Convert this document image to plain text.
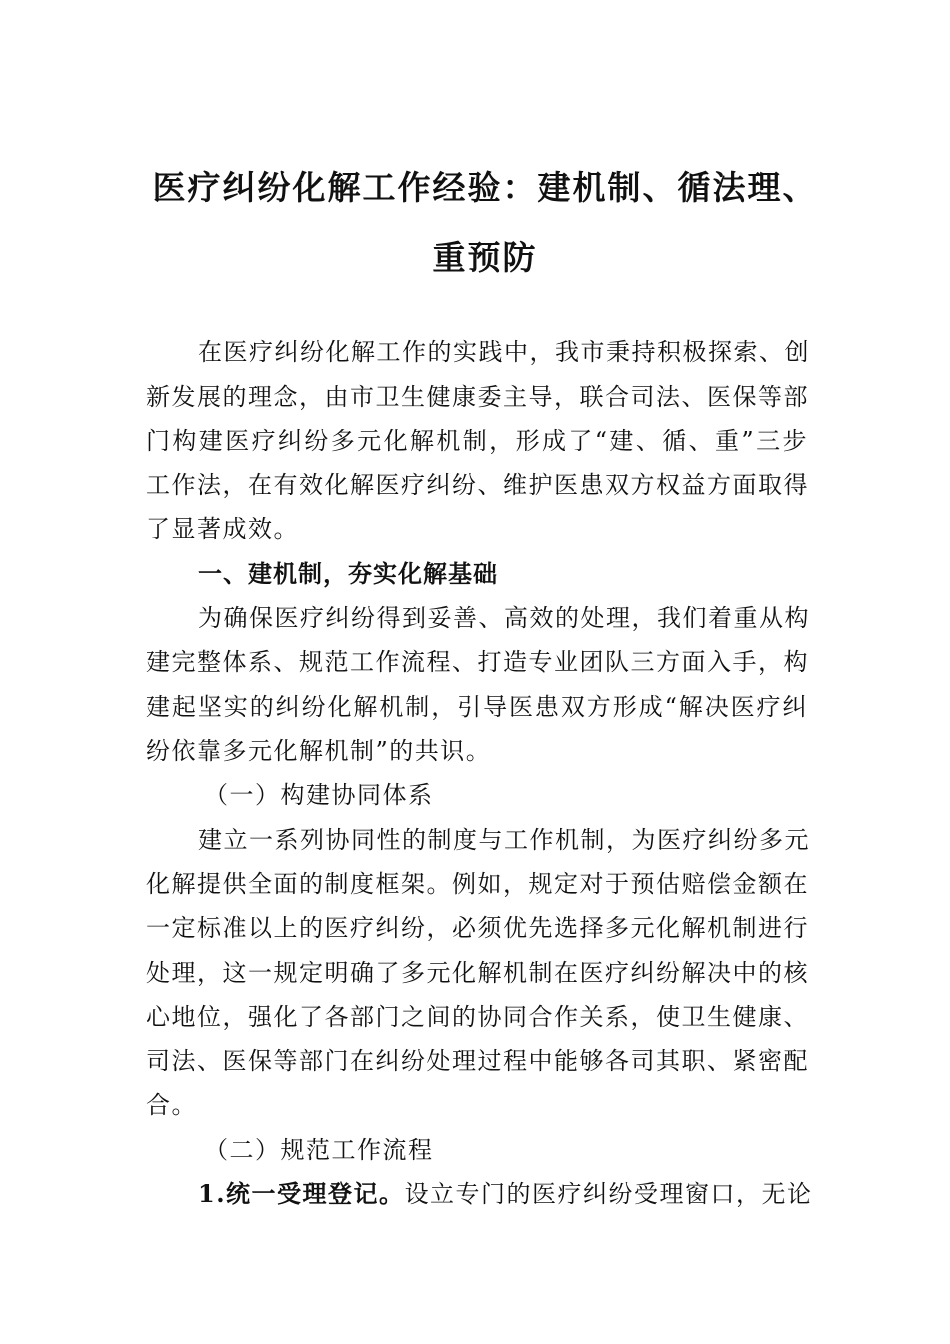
医疗纠纷化解工作经验：建机制、循法理、
重预防
在医疗纠纷化解工作的实践中，我市秉持积极探索、创
新发展的理念，由市卫生健康委主导，联合司法、医保等部
门构建医疗纠纷多元化解机制，形成了“建、循、重”三步
工作法，在有效化解医疗纠纷、维护医患双方权益方面取得
了显著成效。
一、建机制，夯实化解基础
为确保医疗纠纷得到妥善、高效的处理，我们着重从构
建完整体系、规范工作流程、打造专业团队三方面入手，构
建起坚实的纠纷化解机制，引导医患双方形成“解决医疗纠
纷依靠多元化解机制”的共识。
（一）构建协同体系
建立一系列协同性的制度与工作机制，为医疗纠纷多元
化解提供全面的制度框架。例如，规定对于预估赔偿金额在
一定标准以上的医疗纠纷，必须优先选择多元化解机制进行
处理，这一规定明确了多元化解机制在医疗纠纷解决中的核
心地位，强化了各部门之间的协同合作关系，使卫生健康、
司法、医保等部门在纠纷处理过程中能够各司其职、紧密配
合。
（二）规范工作流程
1.统一受理登记。设立专门的医疗纠纷受理窗口，无论
